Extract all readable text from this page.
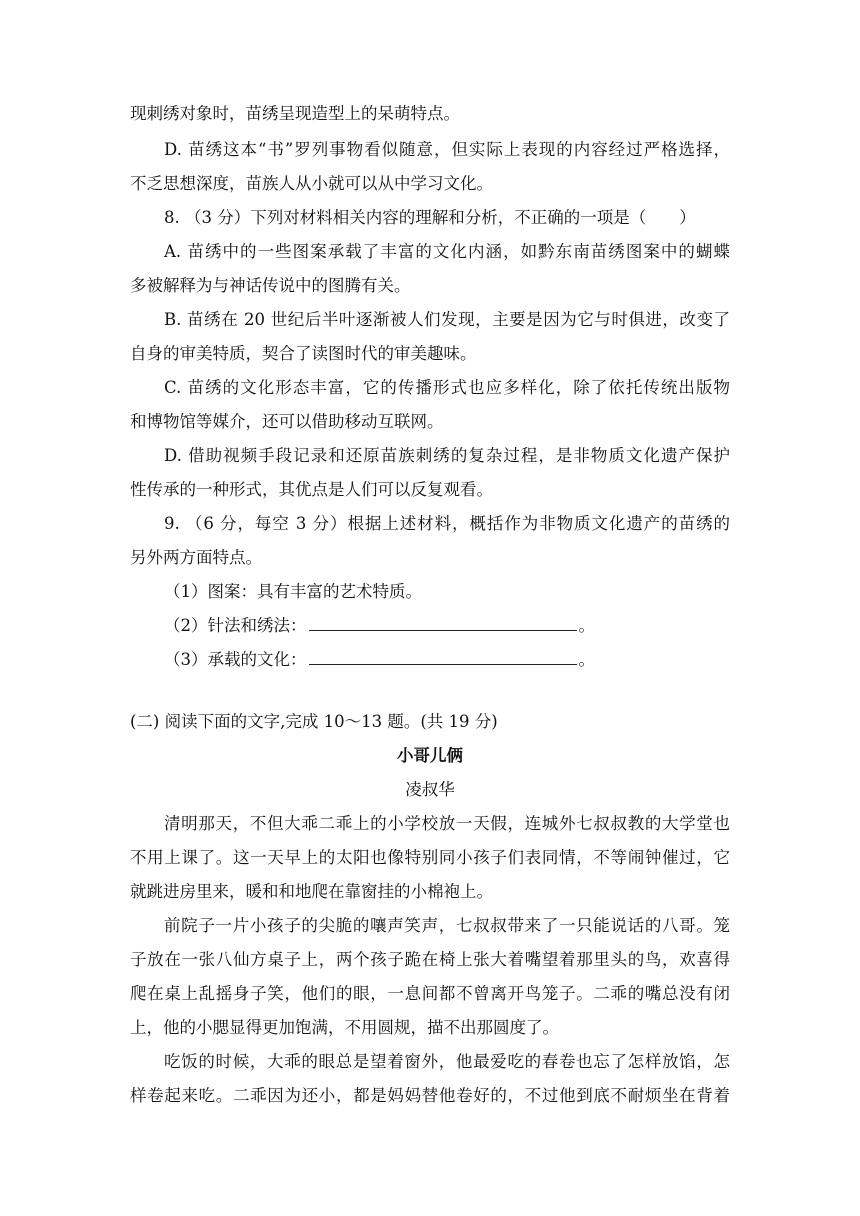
现刺绣对象时，苗绣呈现造型上的呆萌特点。
D. 苗绣这本“书”罗列事物看似随意，但实际上表现的内容经过严格选择，
不乏思想深度，苗族人从小就可以从中学习文化。
8. （3 分）下列对材料相关内容的理解和分析，不正确的一项是（　　）
A. 苗绣中的一些图案承载了丰富的文化内涵，如黔东南苗绣图案中的蝴蝶
多被解释为与神话传说中的图腾有关。
B. 苗绣在 20 世纪后半叶逐渐被人们发现，主要是因为它与时俱进，改变了
自身的审美特质，契合了读图时代的审美趣味。
C. 苗绣的文化形态丰富，它的传播形式也应多样化，除了依托传统出版物
和博物馆等媒介，还可以借助移动互联网。
D. 借助视频手段记录和还原苗族刺绣的复杂过程，是非物质文化遗产保护
性传承的一种形式，其优点是人们可以反复观看。
9. （6 分，每空 3 分）根据上述材料，概括作为非物质文化遗产的苗绣的
另外两方面特点。
（1）图案：具有丰富的艺术特质。
（2）针法和绣法：	。
（3）承载的文化：	。
(二) 阅读下面的文字,完成 10～13 题。(共 19 分)
小哥儿俩
凌叔华
清明那天，不但大乖二乖上的小学校放一天假，连城外七叔叔教的大学堂也
不用上课了。这一天早上的太阳也像特别同小孩子们表同情，不等闹钟催过，它
就跳进房里来，暖和和地爬在靠窗挂的小棉袍上。
前院子一片小孩子的尖脆的嚷声笑声，七叔叔带来了一只能说话的八哥。笼
子放在一张八仙方桌子上，两个孩子跪在椅上张大着嘴望着那里头的鸟，欢喜得
爬在桌上乱摇身子笑，他们的眼，一息间都不曾离开鸟笼子。二乖的嘴总没有闭
上，他的小腮显得更加饱满，不用圆规，描不出那圆度了。
吃饭的时候，大乖的眼总是望着窗外，他最爱吃的春卷也忘了怎样放馅，怎
样卷起来吃。二乖因为还小，都是妈妈替他卷好的，不过他到底不耐烦坐在背着
